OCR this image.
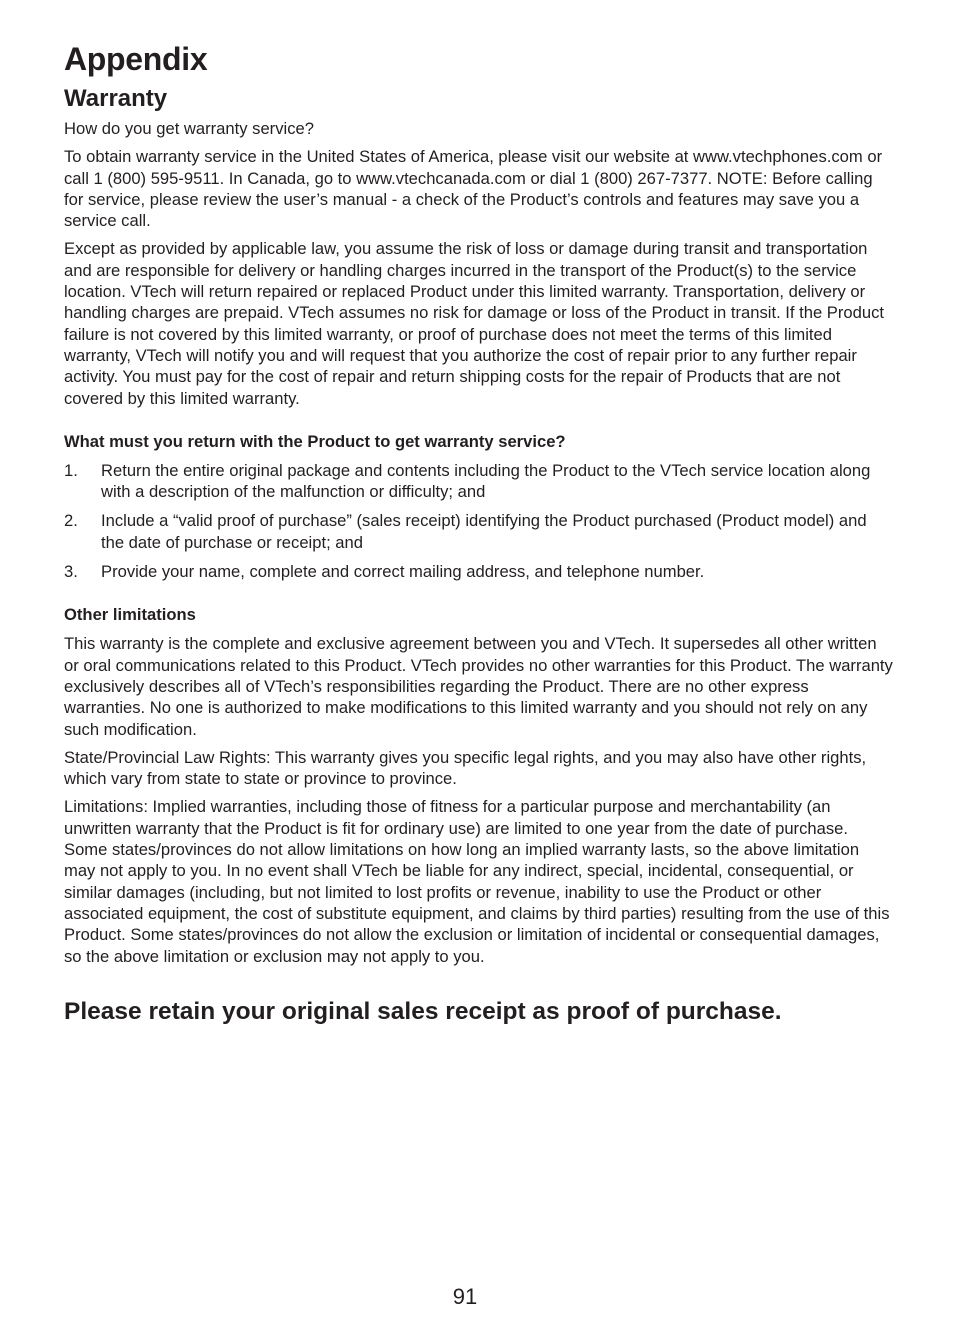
Appendix
Warranty

How do you get warranty service?

To obtain warranty service in the United States of America, please visit our website at www.vtechphones.com or call 1 (800) 595-9511. In Canada, go to www.vtechcanada.com or dial 1 (800) 267-7377. NOTE: Before calling for service, please review the user’s manual - a check of the Product’s controls and features may save you a service call.

Except as provided by applicable law, you assume the risk of loss or damage during transit and transportation and are responsible for delivery or handling charges incurred in the transport of the Product(s) to the service location. VTech will return repaired or replaced Product under this limited warranty. Transportation, delivery or handling charges are prepaid. VTech assumes no risk for damage or loss of the Product in transit. If the Product failure is not covered by this limited warranty, or proof of purchase does not meet the terms of this limited warranty, VTech will notify you and will request that you authorize the cost of repair prior to any further repair activity. You must pay for the cost of repair and return shipping costs for the repair of Products that are not covered by this limited warranty.

What must you return with the Product to get warranty service?
1. Return the entire original package and contents including the Product to the VTech service location along with a description of the malfunction or difficulty; and
2. Include a “valid proof of purchase” (sales receipt) identifying the Product purchased (Product model) and the date of purchase or receipt; and
3. Provide your name, complete and correct mailing address, and telephone number.
Other limitations

This warranty is the complete and exclusive agreement between you and VTech. It supersedes all other written or oral communications related to this Product. VTech provides no other warranties for this Product. The warranty exclusively describes all of VTech’s responsibilities regarding the Product. There are no other express warranties. No one is authorized to make modifications to this limited warranty and you should not rely on any such modification.

State/Provincial Law Rights: This warranty gives you specific legal rights, and you may also have other rights, which vary from state to state or province to province.

Limitations: Implied warranties, including those of fitness for a particular purpose and merchantability (an unwritten warranty that the Product is fit for ordinary use) are limited to one year from the date of purchase. Some states/provinces do not allow limitations on how long an implied warranty lasts, so the above limitation may not apply to you. In no event shall VTech be liable for any indirect, special, incidental, consequential, or similar damages (including, but not limited to lost profits or revenue, inability to use the Product or other associated equipment, the cost of substitute equipment, and claims by third parties) resulting from the use of this Product. Some states/provinces do not allow the exclusion or limitation of incidental or consequential damages, so the above limitation or exclusion may not apply to you.

Please retain your original sales receipt as proof of purchase.
91
